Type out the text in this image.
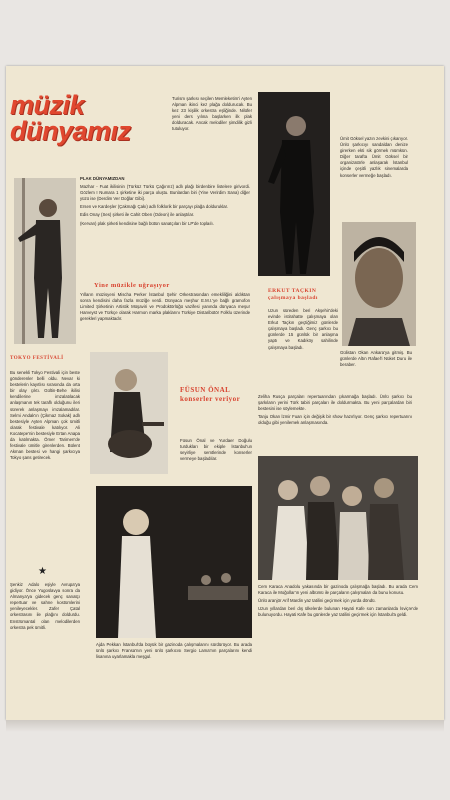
müzik
dünyamız
Turism şarkısı seçilen Memleketim'i Ayten Alpman ikinci kez plağa doldurucak. Bu kez 23 kişilik orkestra eşliğinde. Nilüfer yeni ders yılına başlarken ilk plak dolduracak. Ancak melodiler şimdilik gizli tutuluyor.
Ümit Göksel yazın zevkini çıkarıyor. Ünlü şarkıcıyı sandaldan denize girerken ekti sik görmek mümkün. Diğer tarafta Ümit Göksel bir organizatörle anlaşarak İstanbul içinde çeşitli yazlık sinemalarda konserler vermeğe başladı.

PLAK DÜNYAMIZDAN

Mazhar - Fuat ikilisinin (Türküz Türkü Çağırırız) adlı plağı birdenbire listelere girivordi. Gözlem I Numara 1 şirketine iki parça oluştu. Bunlardan biri (Yine Verirdim Sana) diğer yüzü ise (Derdim Ver Doğlar Gibi).

Ersen ve Kardeşler (Çakmağı Çakı) adlı folklorik bir parçayı plağa dolduruklar.

Edis Onay (Ses) şirketi ile Cahit Oben (Odeon) ile anlaştılar.

(Kervan) plak şirketi kendisine bağlı bütün sanatçıları bir LP'de toplaılı.

Yine müzikle uğraşıyor
Yılların müzisyeni Mischa Perker İstanbul Şehir Orkestrasından emekliliğini aldıktan sonra kendisini daha fazla müziğe verdi. Dünyaca meşhur E.M.I.'ye bağlı gramofon Limited Şirketinin Artistik Müşaviri ve Prodüktörlüğü vazifesi yanında dünyaca meşur Harveyst ve Türkçe olarak Harmon marka plaklarını Türkiye Distaribütör Folklu üzerinde gerekleri yapmaktadır.
ERKUT TAÇKIN çalışmaya başladı
Uzun süreden beri Akşehir'deki evinde istirahatte çalışmaya olan Erkut Taçkın geçtiğimiz günlerde çalışmaya başladı. Genç şarkıcı bu günlerde 15 günlük bir anlaşma yaptı ve Kadıköy sahilinde çalışmaya başladı.
Gülistan Okan Ankara'ya gitmiş. Bu günlerde Altın Rafael'i Nüket Duru ile beraber.
TOKYO FESTİVALİ
Bu senekli Tokyo Festivali için beste gönderenler belli oldu. Nevar ki bestelerin kayıtlısı sırasında da orta bir olay çıktı. Gültin-Behe ikilisi kendilerine imzalatılacak anlaşmanın tek taraflı olduğunu ileri sürerek anlaşmayı imzalamadılar. Selmi Andak'ın (Çikmaz Sokak) adlı bestesiyle Ayten Alpman çok ümitli olarak festivale katılıyor. Ali Kocatepe'nin bestesiyle Ertan Anapa da katılmakta. Ömer Tarimen'de festivale ümitle girenlerden. Bülent Akman bestesi ve hangi şarkıcıya Tokyo şans getirecek.
FÜSUN ÖNAL konserler veriyor
Füsun Önal ve Yurdaer Doğulu turdukları bir ekiple İstanbul'un seyirliye semtlerinde konserler vermeye başladılar.

Zeliha Rusça parçaları repertuarından çıkarmağa başladı. Ünlü şarkıcı bu şarkıların yerini Türk tabiri parçaları ile doldurmakta. Bu yeni parçalardan biri bestesini ise söylemekte.

Tanju Okan İzmir Fuarı için değişik bir show hazırlıyor. Genç şarkıcı repertuarını olduğu gibi yenilemek anlaşmasında.

★
Şenkiz Adalo eşiyle Avrupa'ya gidiyor. Önce Yugoslavya sonra da Almanya'ya gidecek genç sanatçı repertuar ve sahne kostümlerini yenileyecekler. Zafer Çatal orkestrasını ile plağını doldurdu. Enstrümantal olan melodilerden orkestra pek ümitli.
Ajda Pekkan İstanbul'da büyük bir gazinoda çalışmalarını sürdürüyor. Bu arada ünlü şarkıcı Fransa'nın yeni ünlü şarkıcısı Sergio Lama'nın parçalarını kendi lisanına uyarlamakla meşgul.

Cem Karaca Anadolu yakasında bir gazinoda çalışmağa başladı. Bu arada Cem Karaca ile Moğollar'ın yeni albümü ile parçaların çalışmaları da bunu konusu.

Ünlü aranjör Arif Mardin yaz tatilini geçirmek için yurda döndü.

Uzun yıllardan beri dış ülkelerde bulunan Hayati Kafe son zamanlarda İsviçre'de bulunuyordu. Hayati Kafe bu günlerde yaz tatilini geçirmek için İstanbul'a geldi.
